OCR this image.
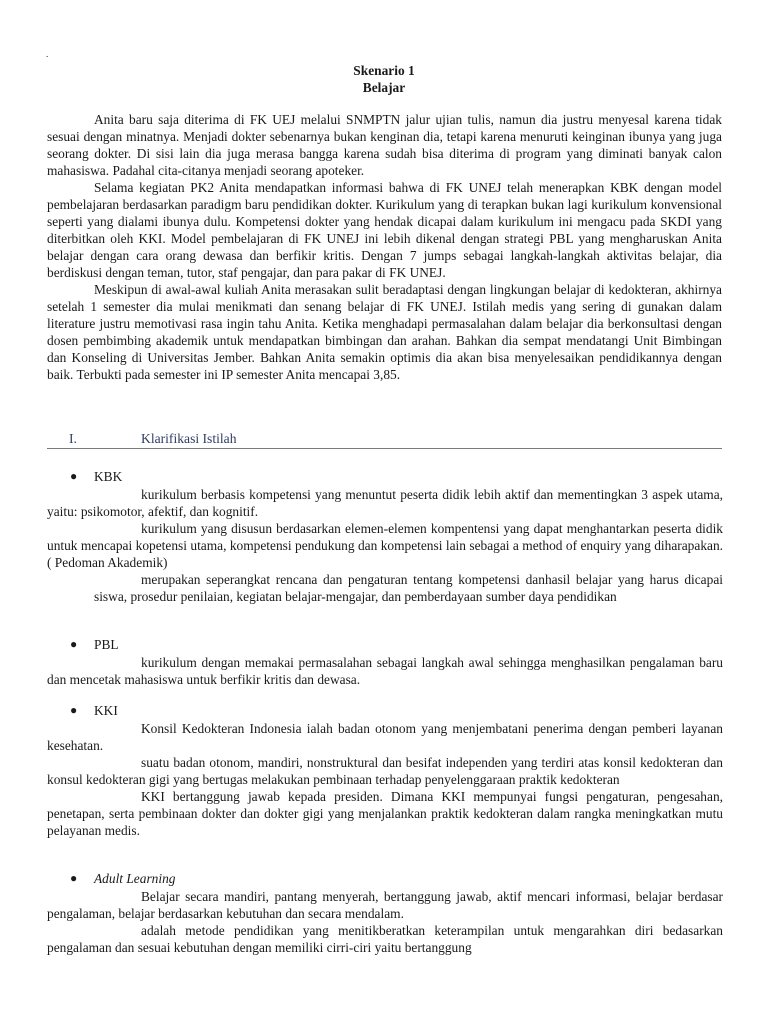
.
Skenario 1
Belajar

Anita baru saja diterima di FK UEJ melalui SNMPTN jalur ujian tulis, namun dia justru menyesal karena tidak sesuai dengan minatnya. Menjadi dokter sebenarnya bukan kenginan dia, tetapi karena menuruti keinginan ibunya yang juga seorang dokter. Di sisi lain dia juga merasa bangga karena sudah bisa diterima di program yang diminati banyak calon mahasiswa. Padahal cita-citanya menjadi seorang apoteker.

Selama kegiatan PK2 Anita mendapatkan informasi bahwa di FK UNEJ telah menerapkan KBK dengan model pembelajaran berdasarkan paradigm baru pendidikan dokter. Kurikulum yang di terapkan bukan lagi kurikulum konvensional seperti yang dialami ibunya dulu. Kompetensi dokter yang hendak dicapai dalam kurikulum ini mengacu pada SKDI yang diterbitkan oleh KKI. Model pembelajaran di FK UNEJ ini lebih dikenal dengan strategi PBL yang mengharuskan Anita belajar dengan cara orang dewasa dan berfikir kritis. Dengan 7 jumps sebagai langkah-langkah aktivitas belajar, dia berdiskusi dengan teman, tutor, staf pengajar, dan para pakar di FK UNEJ.

Meskipun di awal-awal kuliah Anita merasakan sulit beradaptasi dengan lingkungan belajar di kedokteran, akhirnya setelah 1 semester dia mulai menikmati dan senang belajar di FK UNEJ. Istilah medis yang sering di gunakan dalam literature justru memotivasi rasa ingin tahu Anita. Ketika menghadapi permasalahan dalam belajar dia berkonsultasi dengan dosen pembimbing akademik untuk mendapatkan bimbingan dan arahan. Bahkan dia sempat mendatangi Unit Bimbingan dan Konseling di Universitas Jember. Bahkan Anita semakin optimis dia akan bisa menyelesaikan pendidikannya dengan baik. Terbukti pada semester ini IP semester Anita mencapai 3,85.

I.	Klarifikasi Istilah
● KBK

kurikulum berbasis kompetensi yang menuntut peserta didik lebih aktif dan mementingkan 3 aspek utama, yaitu: psikomotor, afektif, dan kognitif.

kurikulum yang disusun berdasarkan elemen-elemen kompentensi yang dapat menghantarkan peserta didik untuk mencapai kopetensi utama, kompetensi pendukung dan kompetensi lain sebagai a method of enquiry yang diharapakan. ( Pedoman Akademik)

merupakan seperangkat rencana dan pengaturan tentang kompetensi danhasil belajar yang harus dicapai siswa, prosedur penilaian, kegiatan belajar-mengajar, dan pemberdayaan sumber daya pendidikan

● PBL

kurikulum dengan memakai permasalahan sebagai langkah awal sehingga menghasilkan pengalaman baru dan mencetak mahasiswa untuk berfikir kritis dan dewasa.

● KKI

Konsil Kedokteran Indonesia ialah badan otonom yang menjembatani penerima dengan pemberi layanan kesehatan.

suatu badan otonom, mandiri, nonstruktural dan besifat independen yang terdiri atas konsil kedokteran dan konsul kedokteran gigi yang bertugas melakukan pembinaan terhadap penyelenggaraan praktik kedokteran

KKI bertanggung jawab kepada presiden. Dimana KKI mempunyai fungsi pengaturan, pengesahan, penetapan, serta pembinaan dokter dan dokter gigi yang menjalankan praktik kedokteran dalam rangka meningkatkan mutu pelayanan medis.

● Adult Learning

Belajar secara mandiri, pantang menyerah, bertanggung jawab, aktif mencari informasi, belajar berdasar pengalaman, belajar berdasarkan kebutuhan dan secara mendalam.

adalah metode pendidikan yang menitikberatkan keterampilan untuk mengarahkan diri bedasarkan pengalaman dan sesuai kebutuhan dengan memiliki cirri-ciri yaitu bertanggung
